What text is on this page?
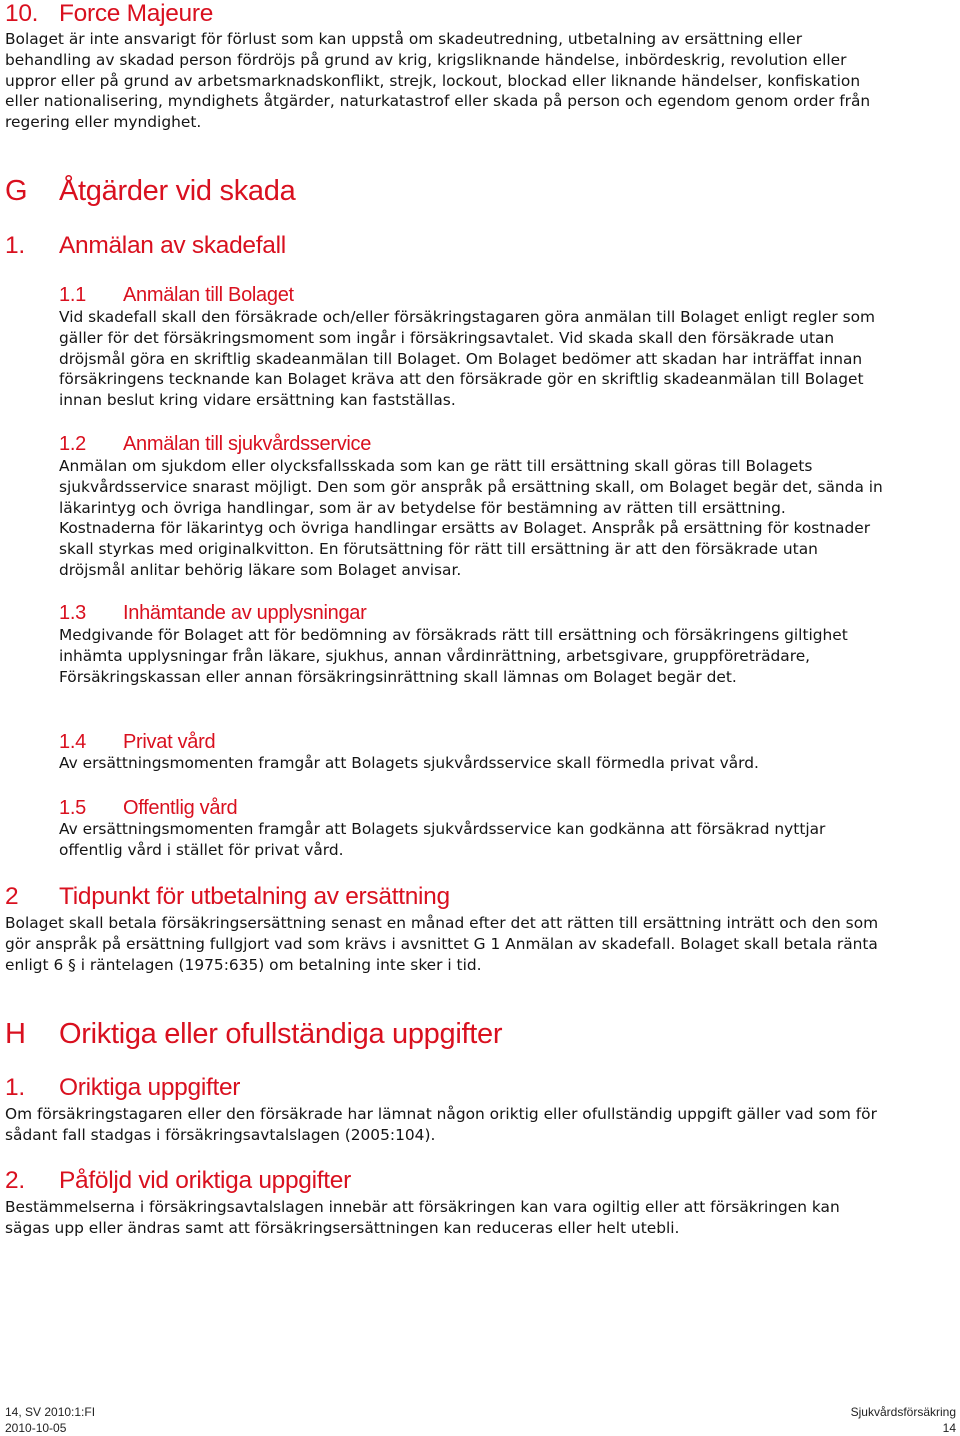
10. Force Majeure

Bolaget är inte ansvarigt för förlust som kan uppstå om skadeutredning, utbetalning av ersättning eller behandling av skadad person fördröjs på grund av krig, krigsliknande händelse, inbördeskrig, revolution eller uppror eller på grund av arbetsmarknadskonflikt, strejk, lockout, blockad eller liknande händelser, konfiskation eller nationalisering, myndighets åtgärder, naturkatastrof eller skada på person och egendom genom order från regering eller myndighet.

G Åtgärder vid skada
1. Anmälan av skadefall
1.1 Anmälan till Bolaget

Vid skadefall skall den försäkrade och/eller försäkringstagaren göra anmälan till Bolaget enligt regler som gäller för det försäkringsmoment som ingår i försäkringsavtalet. Vid skada skall den försäkrade utan dröjsmål göra en skriftlig skadeanmälan till Bolaget. Om Bolaget bedömer att skadan har inträffat innan försäkringens tecknande kan Bolaget kräva att den försäkrade gör en skriftlig skadeanmälan till Bolaget innan beslut kring vidare ersättning kan fastställas.

1.2 Anmälan till sjukvårdsservice

Anmälan om sjukdom eller olycksfallsskada som kan ge rätt till ersättning skall göras till Bolagets sjukvårdsservice snarast möjligt. Den som gör anspråk på ersättning skall, om Bolaget begär det, sända in läkarintyg och övriga handlingar, som är av betydelse för bestämning av rätten till ersättning. Kostnaderna för läkarintyg och övriga handlingar ersätts av Bolaget. Anspråk på ersättning för kostnader skall styrkas med originalkvitton. En förutsättning för rätt till ersättning är att den försäkrade utan dröjsmål anlitar behörig läkare som Bolaget anvisar.

1.3 Inhämtande av upplysningar

Medgivande för Bolaget att för bedömning av försäkrads rätt till ersättning och försäkringens giltighet inhämta upplysningar från läkare, sjukhus, annan vårdinrättning, arbetsgivare, gruppföreträdare, Försäkringskassan eller annan försäkringsinrättning skall lämnas om Bolaget begär det.

1.4 Privat vård

Av ersättningsmomenten framgår att Bolagets sjukvårdsservice skall förmedla privat vård.

1.5 Offentlig vård

Av ersättningsmomenten framgår att Bolagets sjukvårdsservice kan godkänna att försäkrad nyttjar offentlig vård i stället för privat vård.

2 Tidpunkt för utbetalning av ersättning

Bolaget skall betala försäkringsersättning senast en månad efter det att rätten till ersättning inträtt och den som gör anspråk på ersättning fullgjort vad som krävs i avsnittet G 1 Anmälan av skadefall. Bolaget skall betala ränta enligt 6 § i räntelagen (1975:635) om betalning inte sker i tid.

H Oriktiga eller ofullständiga uppgifter
1. Oriktiga uppgifter

Om försäkringstagaren eller den försäkrade har lämnat någon oriktig eller ofullständig uppgift gäller vad som för sådant fall stadgas i försäkringsavtalslagen (2005:104).

2. Påföljd vid oriktiga uppgifter

Bestämmelserna i försäkringsavtalslagen innebär att försäkringen kan vara ogiltig eller att försäkringen kan sägas upp eller ändras samt att försäkringsersättningen kan reduceras eller helt utebli.

14, SV 2010:1:FI
2010-10-05
Sjukvårdsförsäkring
14
